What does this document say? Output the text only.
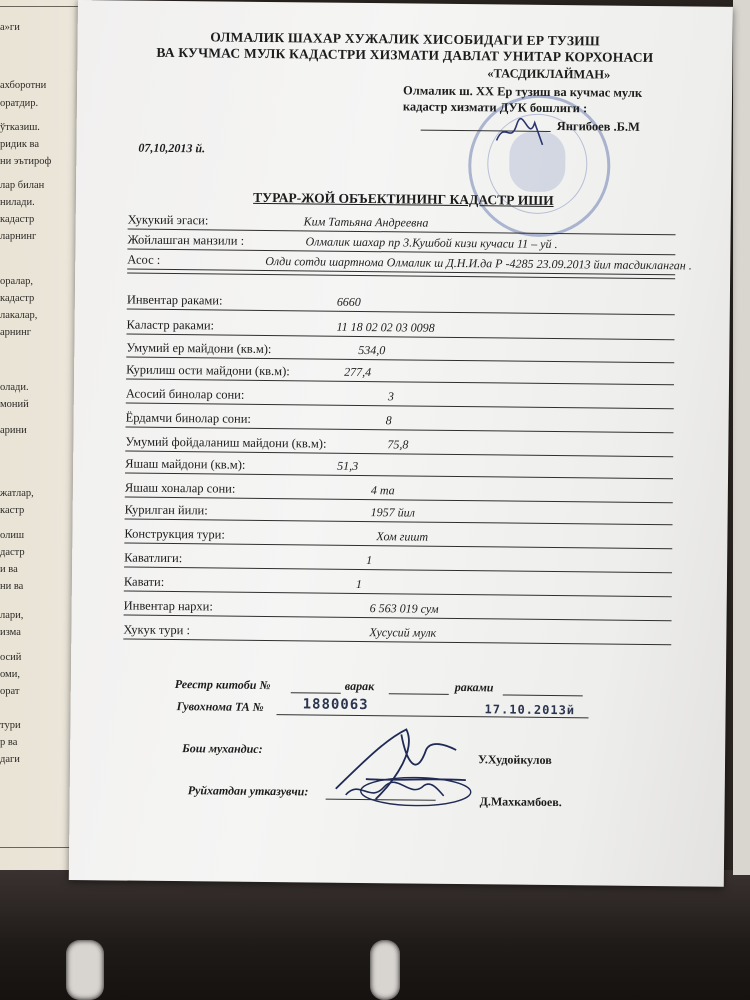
а»ги
ахборотни
оратдир.
ўтказиш.
ридик ва
ни эътироф
лар билан
нилади.
кадастр
ларнинг
оралар,
кадастр
лакалар,
арнинг
олади.
моний
арини
жатлар,
кастр
олиш
дастр
и ва
ни ва
лари,
изма
осий
оми,
орат
тури
р ва
даги
ОЛМАЛИК ШАХАР ХУЖАЛИК ХИСОБИДАГИ ЕР ТУЗИШ
ВА КУЧМАС МУЛК КАДАСТРИ ХИЗМАТИ ДАВЛАТ УНИТАР КОРХОНАСИ
«ТАСДИКЛАЙМАН»
Олмалик ш. ХХ Ер тузиш ва кучмас мулк
кадастр хизмати ДУК бошлиги :
Янгибоев .Б.М
07,10,2013 й.
ТУРАР-ЖОЙ ОБЪЕКТИНИНГ КАДАСТР ИШИ
Хукукий эгаси:	Ким Татьяна Андреевна
Жойлашган манзили :	Олмалик шахар пр 3.Кушбой кизи кучаси 11 – уй .
Асос :	Олди сотди шартнома Олмалик ш Д.Н.И.да Р -4285 23.09.2013 йил тасдикланган .
Инвентар раками:	6660
Каластр раками:	11 18 02 02 03 0098
Умумий ер майдони (кв.м):	534,0
Курилиш ости майдони (кв.м):	277,4
Асосий бинолар сони:	3
Ёрдамчи бинолар сони:	8
Умумий фойдаланиш майдони (кв.м):	75,8
Яшаш майдони (кв.м):	51,3
Яшаш хоналар сони:	4 та
Курилган йили:	1957 йил
Конструкция тури:	Хом гишт
Каватлиги:	1
Кавати:	1
Инвентар нархи:	6 563 019 сум
Хукук тури :	Хусусий мулк
Реестр китоби №	варак	раками
Гувохнома ТА №	1880063	17.10.2013й
Бош мухандис:
У.Худойкулов
Руйхатдан утказувчи:
Д.Махкамбоев.
